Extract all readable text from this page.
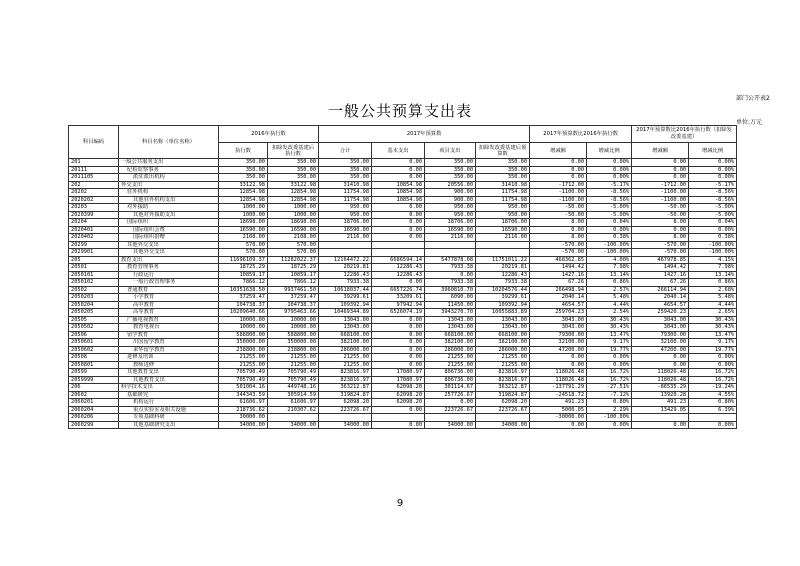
部门公开表2
一般公共预算支出表
单位:万元
科目编码	科目名称（单位名称）	2016年执行数		2017年预算数				2017年预算数比2016年执行数		2017年预算数比2016年执行数（扣除发改委基建）	
		执行数	扣除发改委基建后执行数	合计	基本支出	项目支出	扣除发改委基建后预算数	增减额	增减比例	增减额	增减比例
201	一般公共服务支出	350.00	350.00	350.00	0.00	350.00	350.00	0.00	0.00%	0.00	0.00%
20111	纪检监察事务	350.00	350.00	350.00	0.00	350.00	350.00	0.00	0.00%	0.00	0.00%
2011105	派驻派出机构	350.00	350.00	350.00	0.00	350.00	350.00	0.00	0.00%	0.00	0.00%
202	外交支出	33122.98	33122.98	31410.98	10854.98	20556.00	31410.98	-1712.00	-5.17%	-1712.00	-5.17%
20202	驻外机构	12854.98	12854.98	11754.98	10854.98	900.00	11754.98	-1100.00	-8.56%	-1100.00	-8.56%
2020202	其他驻外机构支出	12854.98	12854.98	11754.98	10854.98	900.00	11754.98	-1100.00	-8.56%	-1100.00	-8.56%
20203	对外援助	1000.00	1000.00	950.00	0.00	950.00	950.00	-50.00	-5.00%	-50.00	-5.00%
2020399	其他对外援助支出	1000.00	1000.00	950.00	0.00	950.00	950.00	-50.00	-5.00%	-50.00	-5.00%
20204	国际组织	18698.00	18698.00	18706.00	0.00	18706.00	18706.00	8.00	0.04%	8.00	0.04%
2020401	国际组织会费	16590.00	16590.00	16590.00	0.00	16590.00	16590.00	0.00	0.00%	0.00	0.00%
2020402	国际组织捐赠	2108.00	2108.00	2116.00	0.00	2116.00	2116.00	8.00	0.38%	8.00	0.38%
20299	其他外交支出	570.00	570.00					-570.00	-100.00%	-570.00	-100.00%
2029901	其他外交支出	570.00	570.00					-570.00	-100.00%	-570.00	-100.00%
205	教育支出	11696109.37	11282022.37	12164472.22	6686594.14	5477878.08	11751011.22	468362.85	4.00%	467978.85	4.15%
20501	教育管理事务	18725.29	18725.29	20219.81	12286.43	7933.38	20219.81	1494.42	7.98%	1494.42	7.98%
2050101	行政运行	10859.17	10859.17	12286.43	12286.43	0.00	12286.43	1427.16	13.14%	1427.16	13.14%
2050102	一般行政管理事务	7866.12	7866.12	7933.38	0.00	7933.38	7933.38	67.26	0.86%	67.26	0.86%
20502	普通教育	10351638.50	9937461.50	10618037.44	6657226.74	3960810.70	10204576.44	266498.94	2.57%	266114.94	2.68%
2050203	小学教育	37259.47	37259.47	39299.61	33209.61	6090.00	39299.61	2040.14	5.48%	2040.14	5.48%
2050204	高中教育	104738.37	104738.37	109392.94	97942.94	11450.00	109392.94	4654.57	4.44%	4654.57	4.44%
2050205	高等教育	10209640.66	9795463.66	10469344.89	6526074.19	3943270.70	10055883.89	259704.23	2.54%	259420.23	2.65%
20505	广播电视教育	10000.00	10000.00	13043.00	0.00	13043.00	13043.00	3043.00	30.43%	3043.00	30.43%
2050502	教育电视台	10000.00	10000.00	13043.00	0.00	13043.00	13043.00	3043.00	30.43%	3043.00	30.43%
20506	留学教育	588800.00	588800.00	668100.00	0.00	668100.00	668100.00	79300.00	13.47%	79300.00	13.47%
2050601	出国留学教育	350000.00	350000.00	382100.00	0.00	382100.00	382100.00	32100.00	9.17%	32100.00	9.17%
2050602	来华留学教育	238800.00	238800.00	286000.00	0.00	286000.00	286000.00	47200.00	19.77%	47200.00	19.77%
20508	进修及培训	21255.00	21255.00	21255.00	0.00	21255.00	21255.00	0.00	0.00%	0.00	0.00%
2050801	教师进修	21255.00	21255.00	21255.00	0.00	21255.00	21255.00	0.00	0.00%	0.00	0.00%
20599	其他教育支出	705790.49	705790.49	823816.97	17080.97	806736.00	823816.97	118026.48	16.72%	118026.48	16.72%
2059999	其他教育支出	705790.49	705790.49	823816.97	17080.97	806736.00	823816.97	118026.48	16.72%	118026.48	16.72%
206	科学技术支出	501004.16	449748.16	363212.87	62098.20	301114.67	363212.87	-137791.29	-27.51%	-86535.29	-19.24%
20602	基础研究	344343.59	305914.59	319824.87	62098.20	257726.67	319824.87	-24518.72	-7.12%	13920.28	4.55%
2060201	机构运行	61606.97	61606.97	62098.20	62098.20	0.00	62098.20	491.23	0.80%	491.23	0.80%
2060204	重点实验室及相关设施	218736.62	210307.62	223726.67	0.00	223726.67	223726.67	5000.05	2.29%	13429.05	6.39%
2060206	专项基础科研	30000.00						-30000.00	-100.00%		
2060299	其他基础研究支出	34000.00	34000.00	34000.00	0.00	34000.00	34000.00	0.00	0.00%	0.00	0.00%
9
